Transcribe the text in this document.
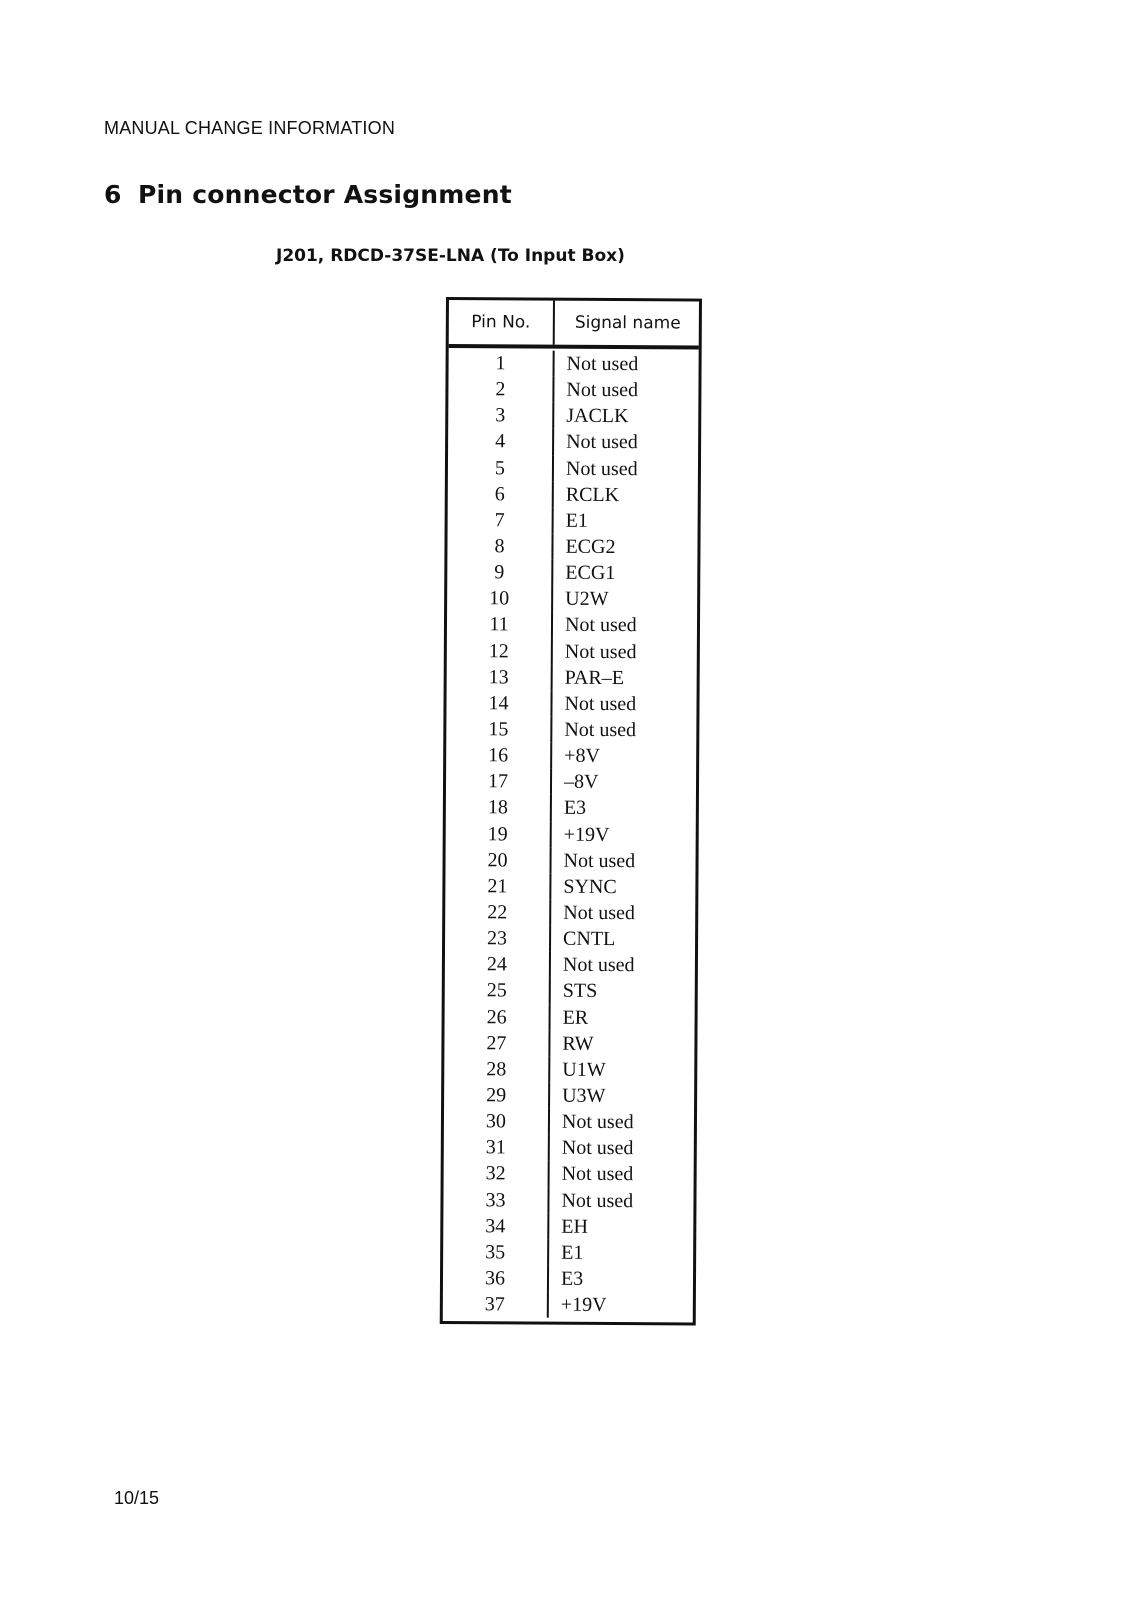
MANUAL CHANGE INFORMATION
6 Pin connector Assignment
J201, RDCD-37SE-LNA (To Input Box)
Pin No.	Signal name
1	Not used
2	Not used
3	JACLK
4	Not used
5	Not used
6	RCLK
7	E1
8	ECG2
9	ECG1
10	U2W
11	Not used
12	Not used
13	PAR–E
14	Not used
15	Not used
16	+8V
17	–8V
18	E3
19	+19V
20	Not used
21	SYNC
22	Not used
23	CNTL
24	Not used
25	STS
26	ER
27	RW
28	U1W
29	U3W
30	Not used
31	Not used
32	Not used
33	Not used
34	EH
35	E1
36	E3
37	+19V
10/15
